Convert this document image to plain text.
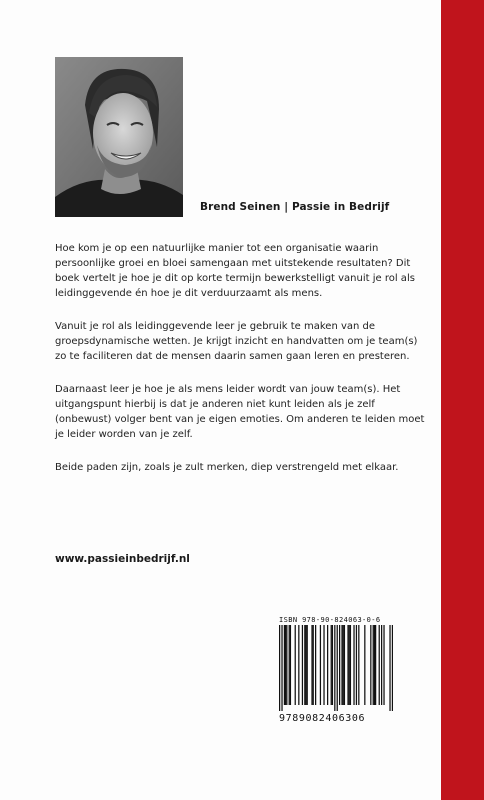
Brend Seinen | Passie in Bedrijf

Hoe kom je op een natuurlijke manier tot een organisatie waarin persoonlijke groei en bloei samengaan met uitstekende resultaten? Dit boek vertelt je hoe je dit op korte termijn bewerkstelligt vanuit je rol als leidinggevende én hoe je dit verduurzaamt als mens.

Vanuit je rol als leidinggevende leer je gebruik te maken van de groepsdynamische wetten. Je krijgt inzicht en handvatten om je team(s) zo te faciliteren dat de mensen daarin samen gaan leren en presteren.

Daarnaast leer je hoe je als mens leider wordt van jouw team(s). Het uitgangspunt hierbij is dat je anderen niet kunt leiden als je zelf (onbewust) volger bent van je eigen emoties. Om anderen te leiden moet je leider worden van je zelf.

Beide paden zijn, zoals je zult merken, diep verstrengeld met elkaar.

www.passieinbedrijf.nl
ISBN 978-90-824063-0-6
9789082406306
